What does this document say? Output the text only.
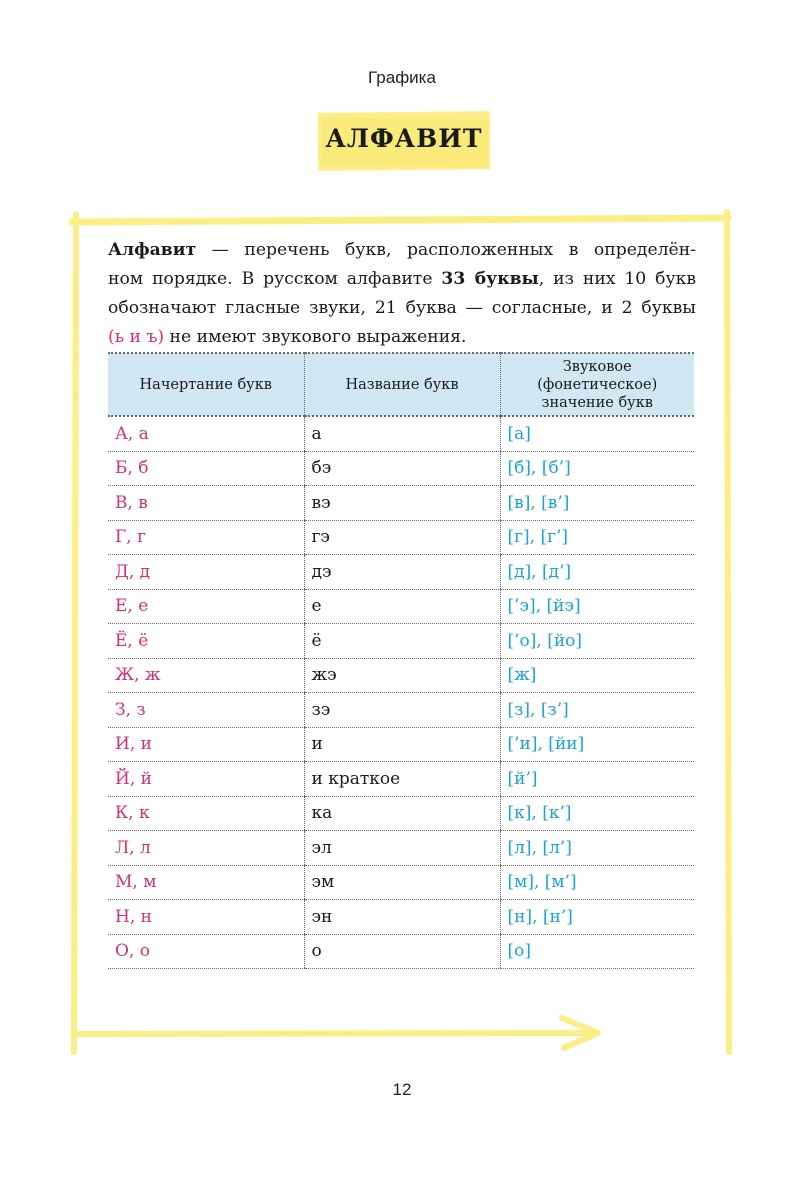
Графика
АЛФАВИТ
Алфавит — перечень букв, расположенных в определён-
ном порядке. В русском алфавите 33 буквы, из них 10 букв
обозначают гласные звуки, 21 буква — согласные, и 2 буквы
(ь и ъ) не имеют звукового выражения.
Начертание букв	Название букв	Звуковое (фонетическое) значение букв
А, а	а	[а]
Б, б	бэ	[б], [б’]
В, в	вэ	[в], [в’]
Г, г	гэ	[г], [г’]
Д, д	дэ	[д], [д’]
Е, е	е	[’э], [йэ]
Ё, ё	ё	[’о], [йо]
Ж, ж	жэ	[ж]
З, з	зэ	[з], [з’]
И, и	и	[’и], [йи]
Й, й	и краткое	[й’]
К, к	ка	[к], [к’]
Л, л	эл	[л], [л’]
М, м	эм	[м], [м’]
Н, н	эн	[н], [н’]
О, о	о	[о]
12
